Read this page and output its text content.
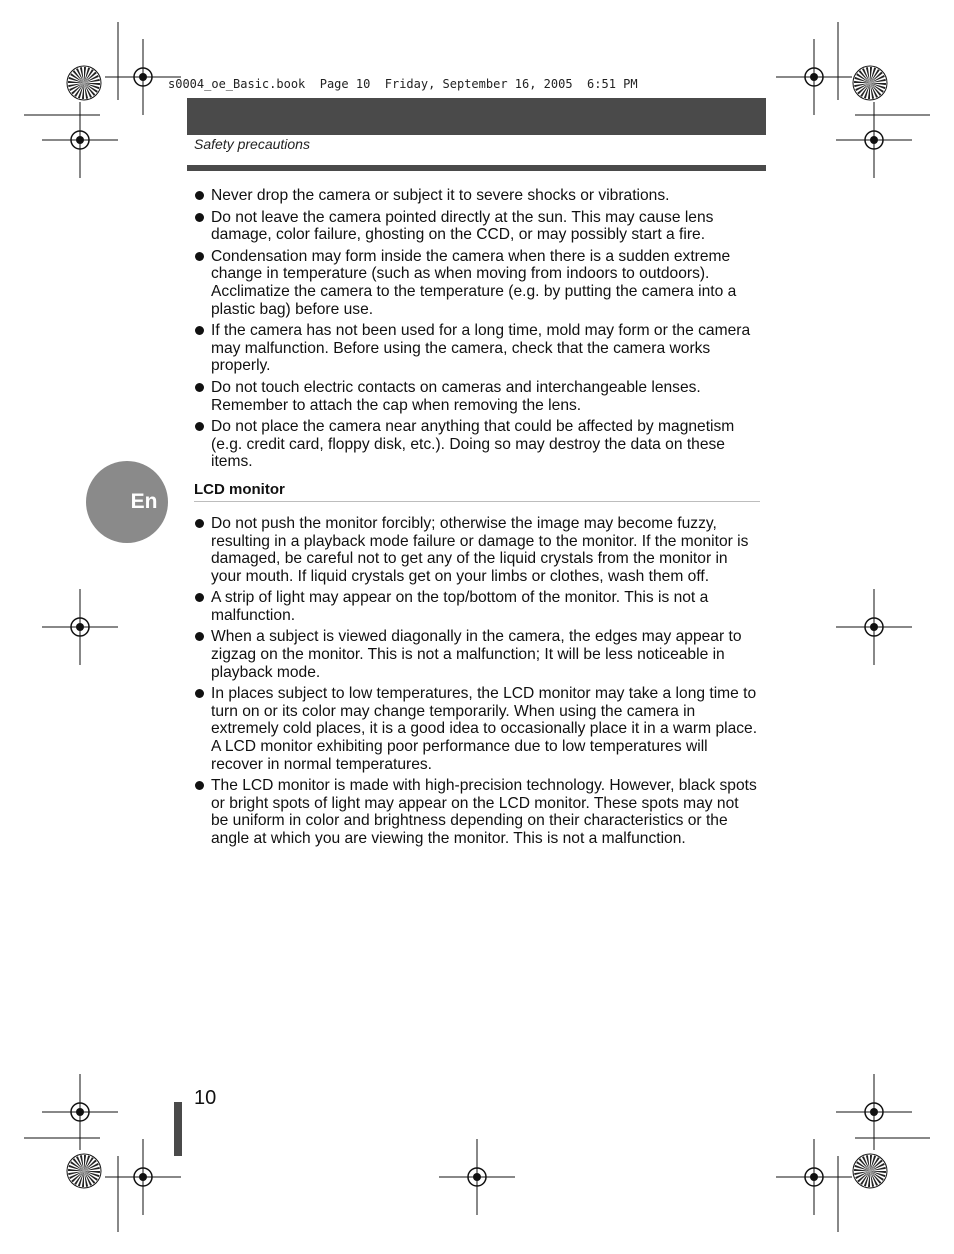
s0004_oe_Basic.book  Page 10  Friday, September 16, 2005  6:51 PM
Safety precautions
En
Never drop the camera or subject it to severe shocks or vibrations.
Do not leave the camera pointed directly at the sun. This may cause lens damage, color failure, ghosting on the CCD, or may possibly start a fire.
Condensation may form inside the camera when there is a sudden extreme change in temperature (such as when moving from indoors to outdoors). Acclimatize the camera to the temperature (e.g. by putting the camera into a plastic bag) before use.
If the camera has not been used for a long time, mold may form or the camera may malfunction. Before using the camera, check that the camera works properly.
Do not touch electric contacts on cameras and interchangeable lenses. Remember to attach the cap when removing the lens.
Do not place the camera near anything that could be affected by magnetism (e.g. credit card, floppy disk, etc.). Doing so may destroy the data on these items.
LCD monitor
Do not push the monitor forcibly; otherwise the image may become fuzzy, resulting in a playback mode failure or damage to the monitor. If the monitor is damaged, be careful not to get any of the liquid crystals from the monitor in your mouth. If liquid crystals get on your limbs or clothes, wash them off.
A strip of light may appear on the top/bottom of the monitor. This is not a malfunction.
When a subject is viewed diagonally in the camera, the edges may appear to zigzag on the monitor. This is not a malfunction; It will be less noticeable in playback mode.
In places subject to low temperatures, the LCD monitor may take a long time to turn on or its color may change temporarily. When using the camera in extremely cold places, it is a good idea to occasionally place it in a warm place. A LCD monitor exhibiting poor performance due to low temperatures will recover in normal temperatures.
The LCD monitor is made with high-precision technology. However, black spots or bright spots of light may appear on the LCD monitor. These spots may not be uniform in color and brightness depending on their characteristics or the angle at which you are viewing the monitor. This is not a malfunction.
10
